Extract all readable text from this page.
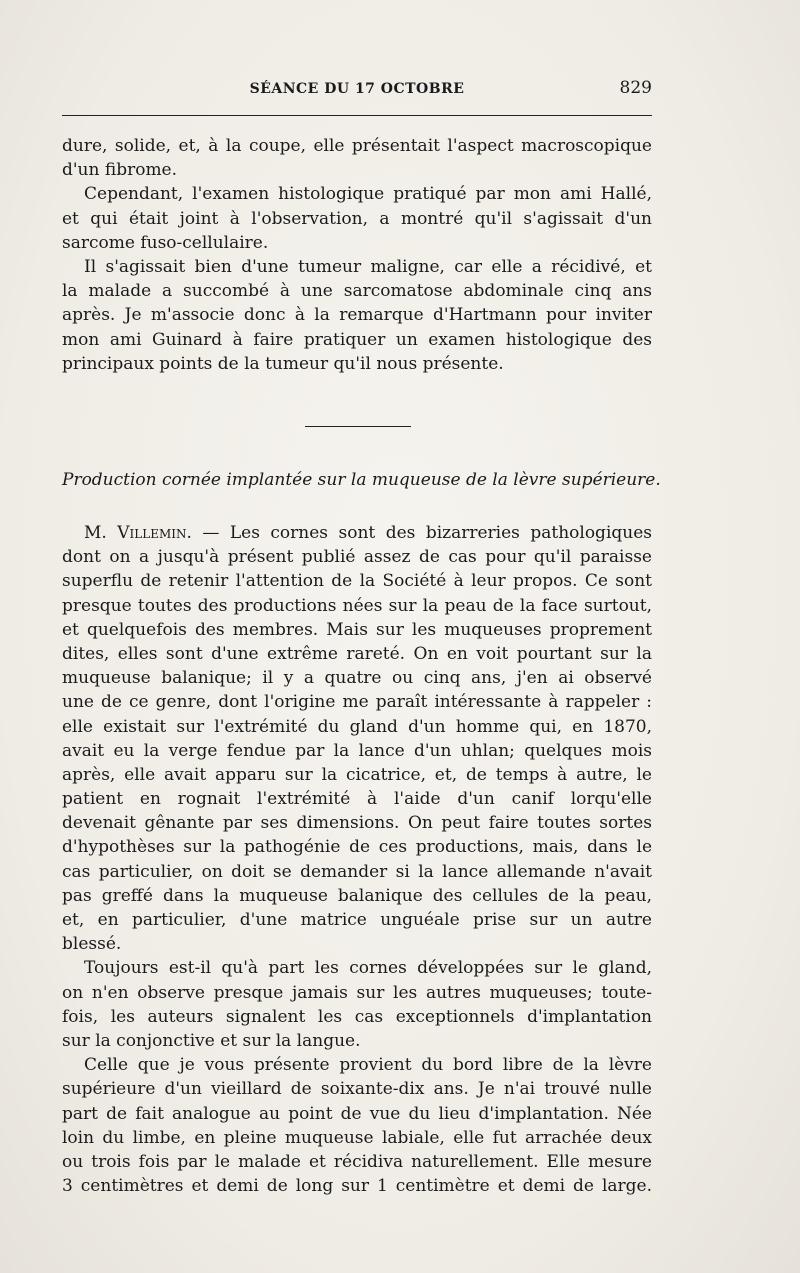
SÉANCE DU 17 OCTOBRE	829
dure, solide, et, à la coupe, elle présentait l'aspect macroscopique
d'un fibrome.
Cependant, l'examen histologique pratiqué par mon ami Hallé,
et qui était joint à l'observation, a montré qu'il s'agissait d'un
sarcome fuso-cellulaire.
Il s'agissait bien d'une tumeur maligne, car elle a récidivé, et
la malade a succombé à une sarcomatose abdominale cinq ans
après. Je m'associe donc à la remarque d'Hartmann pour inviter
mon ami Guinard à faire pratiquer un examen histologique des
principaux points de la tumeur qu'il nous présente.
Production cornée implantée sur la muqueuse de la lèvre supérieure.
M. Villemin. — Les cornes sont des bizarreries pathologiques
dont on a jusqu'à présent publié assez de cas pour qu'il paraisse
superflu de retenir l'attention de la Société à leur propos. Ce sont
presque toutes des productions nées sur la peau de la face surtout,
et quelquefois des membres. Mais sur les muqueuses proprement
dites, elles sont d'une extrême rareté. On en voit pourtant sur la
muqueuse balanique; il y a quatre ou cinq ans, j'en ai observé
une de ce genre, dont l'origine me paraît intéressante à rappeler :
elle existait sur l'extrémité du gland d'un homme qui, en 1870,
avait eu la verge fendue par la lance d'un uhlan; quelques mois
après, elle avait apparu sur la cicatrice, et, de temps à autre, le
patient en rognait l'extrémité à l'aide d'un canif lorqu'elle
devenait gênante par ses dimensions. On peut faire toutes sortes
d'hypothèses sur la pathogénie de ces productions, mais, dans le
cas particulier, on doit se demander si la lance allemande n'avait
pas greffé dans la muqueuse balanique des cellules de la peau,
et, en particulier, d'une matrice unguéale prise sur un autre
blessé.
Toujours est-il qu'à part les cornes développées sur le gland,
on n'en observe presque jamais sur les autres muqueuses; toute-
fois, les auteurs signalent les cas exceptionnels d'implantation
sur la conjonctive et sur la langue.
Celle que je vous présente provient du bord libre de la lèvre
supérieure d'un vieillard de soixante-dix ans. Je n'ai trouvé nulle
part de fait analogue au point de vue du lieu d'implantation. Née
loin du limbe, en pleine muqueuse labiale, elle fut arrachée deux
ou trois fois par le malade et récidiva naturellement. Elle mesure
3 centimètres et demi de long sur 1 centimètre et demi de large.
